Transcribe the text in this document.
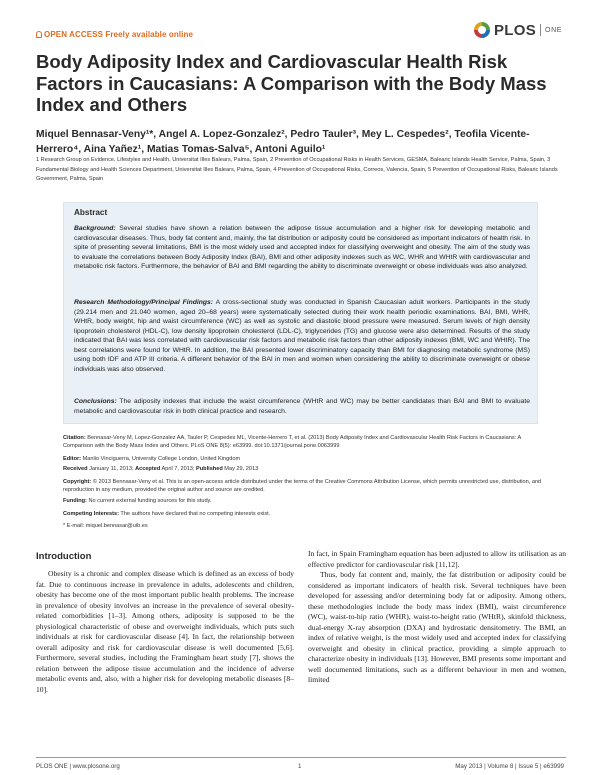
OPEN ACCESS Freely available online	PLOS ONE
Body Adiposity Index and Cardiovascular Health Risk Factors in Caucasians: A Comparison with the Body Mass Index and Others
Miquel Bennasar-Veny¹*, Angel A. Lopez-Gonzalez², Pedro Tauler³, Mey L. Cespedes², Teofila Vicente-Herrero⁴, Aina Yañez¹, Matias Tomas-Salva⁵, Antoni Aguilo¹
1 Research Group on Evidence, Lifestyles and Health, Universitat Illes Balears, Palma, Spain, 2 Prevention of Occupational Risks in Health Services, GESMA, Balearic Islands Health Service, Palma, Spain, 3 Fundamental Biology and Health Sciences Department, Universitat Illes Balears, Palma, Spain, 4 Prevention of Occupational Risks, Correos, Valencia, Spain, 5 Prevention of Occupational Risks, Balearic Islands Government, Palma, Spain
Abstract

Background: Several studies have shown a relation between the adipose tissue accumulation and a higher risk for developing metabolic and cardiovascular diseases. Thus, body fat content and, mainly, the fat distribution or adiposity could be considered as important indicators of health risk. In spite of presenting several limitations, BMI is the most widely used and accepted index for classifying overweight and obesity. The aim of the study was to evaluate the correlations between Body Adiposity Index (BAI), BMI and other adiposity indexes such as WC, WHR and WHtR with cardiovascular and metabolic risk factors. Furthermore, the behavior of BAI and BMI regarding the ability to discriminate overweight or obese individuals was also analyzed.

Research Methodology/Principal Findings: A cross-sectional study was conducted in Spanish Caucasian adult workers. Participants in the study (29.214 men and 21.040 women, aged 20–68 years) were systematically selected during their work health periodic examinations. BAI, BMI, WHR, WHtR, body weight, hip and waist circumference (WC) as well as systolic and diastolic blood pressure were measured. Serum levels of high density lipoprotein cholesterol (HDL-C), low density lipoprotein cholesterol (LDL-C), triglycerides (TG) and glucose were also determined. Results of the study indicated that BAI was less correlated with cardiovascular risk factors and metabolic risk factors than other adiposity indexes (BMI, WC and WHtR). The best correlations were found for WHtR. In addition, the BAI presented lower discriminatory capacity than BMI for diagnosing metabolic syndrome (MS) using both IDF and ATP III criteria. A different behavior of the BAI in men and women when considering the ability to discriminate overweight or obese individuals was also observed.

Conclusions: The adiposity indexes that include the waist circumference (WHtR and WC) may be better candidates than BAI and BMI to evaluate metabolic and cardiovascular risk in both clinical practice and research.

Citation: Bennasar-Veny M, Lopez-Gonzalez AA, Tauler P, Cespedes ML, Vicente-Herrero T, et al. (2013) Body Adiposity Index and Cardiovascular Health Risk Factors in Caucasians: A Comparison with the Body Mass Index and Others. PLoS ONE 8(5): e63999. doi:10.1371/journal.pone.0063999

Editor: Manlio Vinciguerra, University College London, United Kingdom

Received January 11, 2013; Accepted April 7, 2013; Published May 29, 2013

Copyright: © 2013 Bennasar-Veny et al. This is an open-access article distributed under the terms of the Creative Commons Attribution License, which permits unrestricted use, distribution, and reproduction in any medium, provided the original author and source are credited.

Funding: No current external funding sources for this study.

Competing Interests: The authors have declared that no competing interests exist.

* E-mail: miquel.bennasar@uib.es

Introduction

Obesity is a chronic and complex disease which is defined as an excess of body fat. Due to continuous increase in prevalence in adults, adolescents and children, obesity has become one of the most important public health problems. The increase in prevalence of obesity involves an increase in the prevalence of several obesity-related comorbidities [1–3]. Among others, adiposity is supposed to be the physiological characteristic of obese and overweight individuals, which puts such individuals at risk for cardiovascular disease [4]. In fact, the relationship between overall adiposity and risk for cardiovascular disease is well documented [5,6]. Furthermore, several studies, including the Framingham heart study [7], shows the relation between the adipose tissue accumulation and the incidence of adverse metabolic events and, also, with a higher risk for developing metabolic diseases [8–10].

In fact, in Spain Framingham equation has been adjusted to allow its utilisation as an effective predictor for cardiovascular risk [11,12].
Thus, body fat content and, mainly, the fat distribution or adiposity could be considered as important indicators of health risk. Several techniques have been developed for assessing and/or determining body fat or adiposity. Among others, these methodologies include the body mass index (BMI), waist circumference (WC), waist-to-hip ratio (WHR), waist-to-height ratio (WHtR), skinfold thickness, dual-energy X-ray absorption (DXA) and hydrostatic densitometry. The BMI, an index of relative weight, is the most widely used and accepted index for classifying overweight and obesity in clinical practice, providing a simple approach to characterize obesity in individuals [13]. However, BMI presents some important and well documented limitations, such as a different behaviour in men and women, limited

PLOS ONE | www.plosone.org	1	May 2013 | Volume 8 | Issue 5 | e63999
